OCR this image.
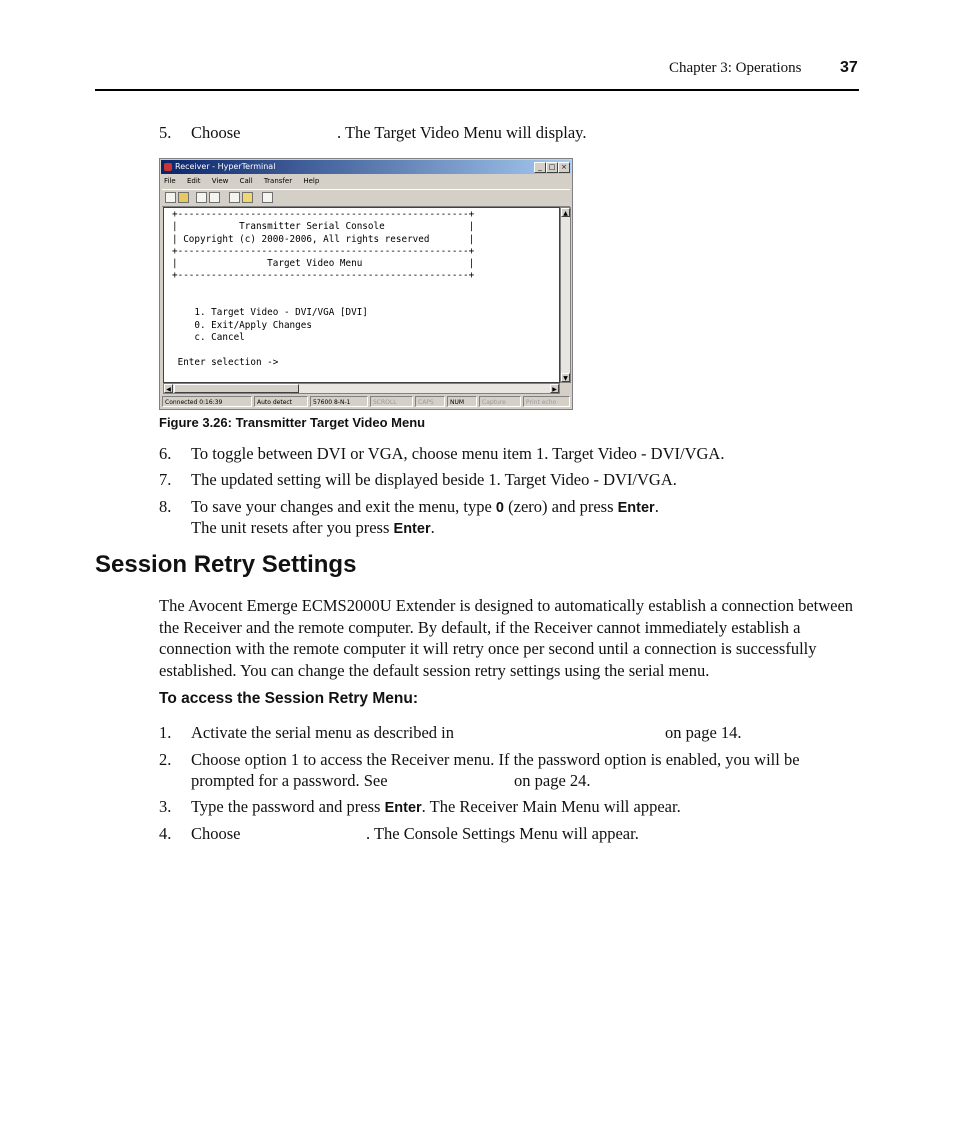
Chapter 3: Operations 37
5. Choose	. The Target Video Menu will display.
Receiver - HyperTerminal	_ □ ×
File Edit View Call Transfer Help
+----------------------------------------------------+
|           Transmitter Serial Console               |
| Copyright (c) 2000-2006, All rights reserved       |
+----------------------------------------------------+
|                Target Video Menu                   |
+----------------------------------------------------+

1. Target Video - DVI/VGA [DVI]
0. Exit/Apply Changes
c. Cancel

Enter selection ->
▲
▼
◀	▶
Connected 0:16:39	Auto detect	57600 8-N-1	SCROLL	CAPS	NUM	Capture	Print echo
Figure 3.26: Transmitter Target Video Menu
6. To toggle between DVI or VGA, choose menu item 1. Target Video - DVI/VGA.
7. The updated setting will be displayed beside 1. Target Video - DVI/VGA.
8. To save your changes and exit the menu, type 0 (zero) and press Enter.
The unit resets after you press Enter.
Session Retry Settings
The Avocent Emerge ECMS2000U Extender is designed to automatically establish a connection between the Receiver and the remote computer. By default, if the Receiver cannot immediately establish a connection with the remote computer it will retry once per second until a connection is successfully established. You can change the default session retry settings using the serial menu.
To access the Session Retry Menu:
1. Activate the serial menu as described in	on page 14.
2. Choose option 1 to access the Receiver menu. If the password option is enabled, you will be
prompted for a password. See	on page 24.
3. Type the password and press Enter. The Receiver Main Menu will appear.
4. Choose	. The Console Settings Menu will appear.
